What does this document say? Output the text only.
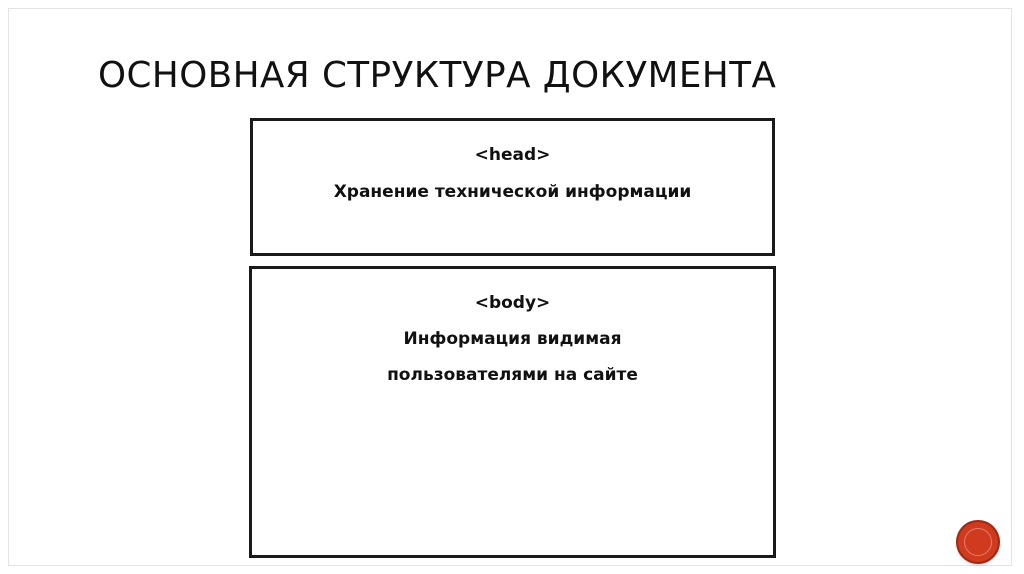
ОСНОВНАЯ СТРУКТУРА ДОКУМЕНТА
<head>
Хранение технической информации
<body>
Информация видимая
пользователями на сайте
